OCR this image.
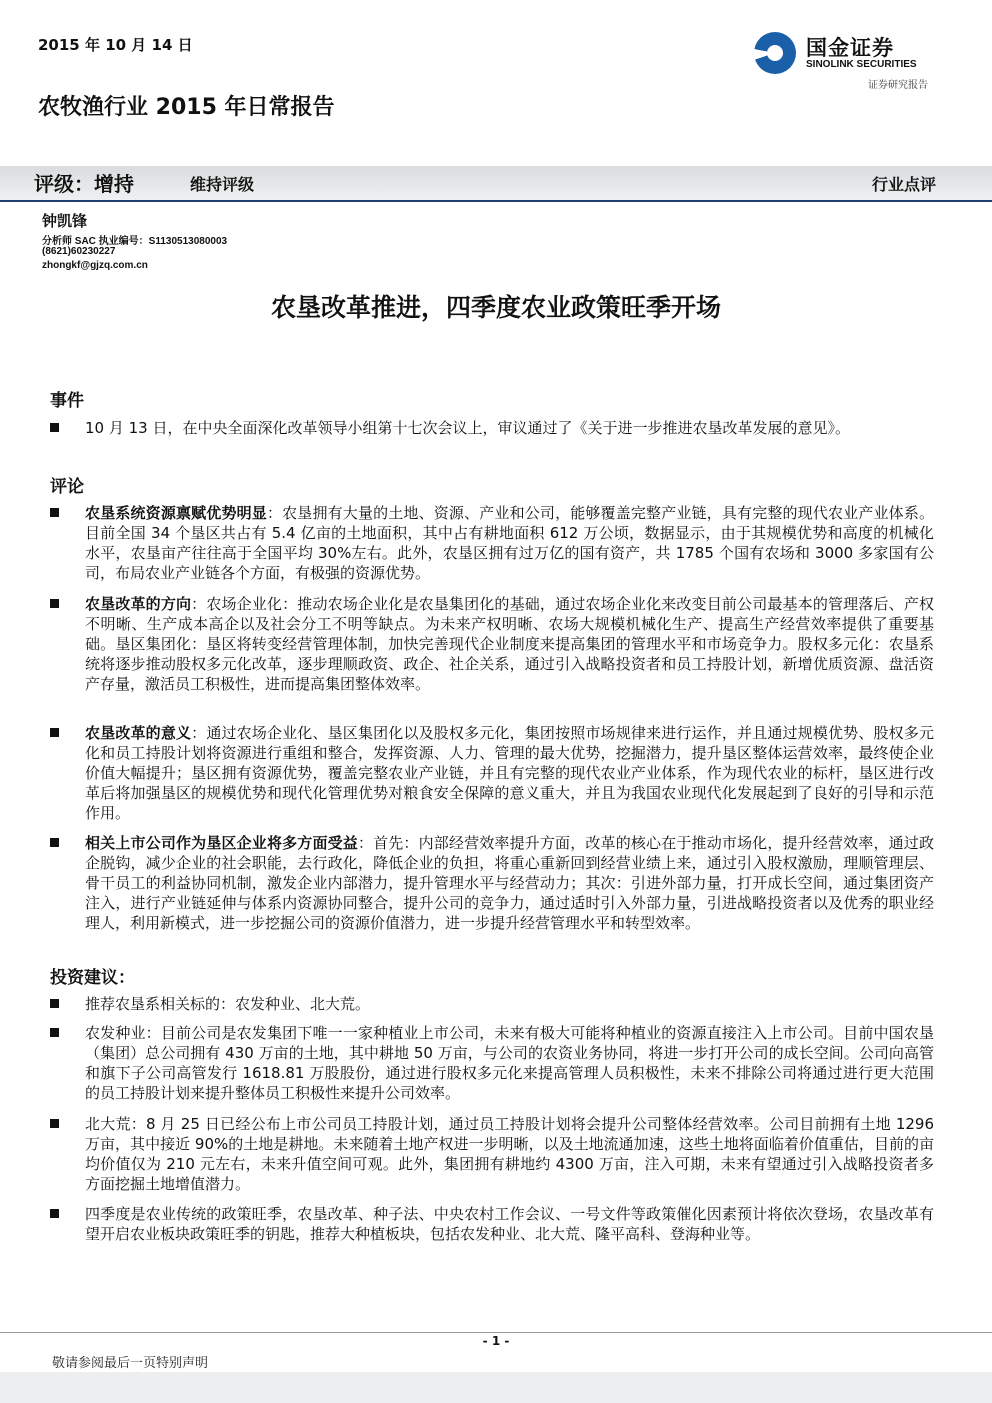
2015 年 10 月 14 日	国金证券
SINOLINK SECURITIES
证券研究报告
农牧渔行业 2015 年日常报告
评级：增持	维持评级	行业点评
钟凯锋
分析师 SAC 执业编号：S1130513080003
(8621)60230227
zhongkf@gjzq.com.cn
农垦改革推进，四季度农业政策旺季开场
事件
10 月 13 日，在中央全面深化改革领导小组第十七次会议上，审议通过了《关于进一步推进农垦改革发展的意见》。
评论
农垦系统资源禀赋优势明显：农垦拥有大量的土地、资源、产业和公司，能够覆盖完整产业链，具有完整的现代农业产业体系。目前全国 34 个垦区共占有 5.4 亿亩的土地面积，其中占有耕地面积 612 万公顷，数据显示，由于其规模优势和高度的机械化水平，农垦亩产往往高于全国平均 30%左右。此外，农垦区拥有过万亿的国有资产，共 1785 个国有农场和 3000 多家国有公司，布局农业产业链各个方面，有极强的资源优势。
农垦改革的方向：农场企业化：推动农场企业化是农垦集团化的基础，通过农场企业化来改变目前公司最基本的管理落后、产权不明晰、生产成本高企以及社会分工不明等缺点。为未来产权明晰、农场大规模机械化生产、提高生产经营效率提供了重要基础。垦区集团化：垦区将转变经营管理体制，加快完善现代企业制度来提高集团的管理水平和市场竞争力。股权多元化：农垦系统将逐步推动股权多元化改革，逐步理顺政资、政企、社企关系，通过引入战略投资者和员工持股计划，新增优质资源、盘活资产存量，激活员工积极性，进而提高集团整体效率。
农垦改革的意义：通过农场企业化、垦区集团化以及股权多元化，集团按照市场规律来进行运作，并且通过规模优势、股权多元化和员工持股计划将资源进行重组和整合，发挥资源、人力、管理的最大优势，挖掘潜力，提升垦区整体运营效率，最终使企业价值大幅提升；垦区拥有资源优势，覆盖完整农业产业链，并且有完整的现代农业产业体系，作为现代农业的标杆，垦区进行改革后将加强垦区的规模优势和现代化管理优势对粮食安全保障的意义重大，并且为我国农业现代化发展起到了良好的引导和示范作用。
相关上市公司作为垦区企业将多方面受益：首先：内部经营效率提升方面，改革的核心在于推动市场化，提升经营效率，通过政企脱钩，减少企业的社会职能，去行政化，降低企业的负担，将重心重新回到经营业绩上来，通过引入股权激励，理顺管理层、骨干员工的利益协同机制，激发企业内部潜力，提升管理水平与经营动力；其次：引进外部力量，打开成长空间，通过集团资产注入，进行产业链延伸与体系内资源协同整合，提升公司的竞争力，通过适时引入外部力量，引进战略投资者以及优秀的职业经理人，利用新模式，进一步挖掘公司的资源价值潜力，进一步提升经营管理水平和转型效率。
投资建议：
推荐农垦系相关标的：农发种业、北大荒。
农发种业：目前公司是农发集团下唯一一家种植业上市公司，未来有极大可能将种植业的资源直接注入上市公司。目前中国农垦（集团）总公司拥有 430 万亩的土地，其中耕地 50 万亩，与公司的农资业务协同，将进一步打开公司的成长空间。公司向高管和旗下子公司高管发行 1618.81 万股股份，通过进行股权多元化来提高管理人员积极性，未来不排除公司将通过进行更大范围的员工持股计划来提升整体员工积极性来提升公司效率。
北大荒：8 月 25 日已经公布上市公司员工持股计划，通过员工持股计划将会提升公司整体经营效率。公司目前拥有土地 1296 万亩，其中接近 90%的土地是耕地。未来随着土地产权进一步明晰，以及土地流通加速，这些土地将面临着价值重估，目前的亩均价值仅为 210 元左右，未来升值空间可观。此外，集团拥有耕地约 4300 万亩，注入可期，未来有望通过引入战略投资者多方面挖掘土地增值潜力。
四季度是农业传统的政策旺季，农垦改革、种子法、中央农村工作会议、一号文件等政策催化因素预计将依次登场，农垦改革有望开启农业板块政策旺季的钥匙，推荐大种植板块，包括农发种业、北大荒、隆平高科、登海种业等。
- 1 -
敬请参阅最后一页特别声明
